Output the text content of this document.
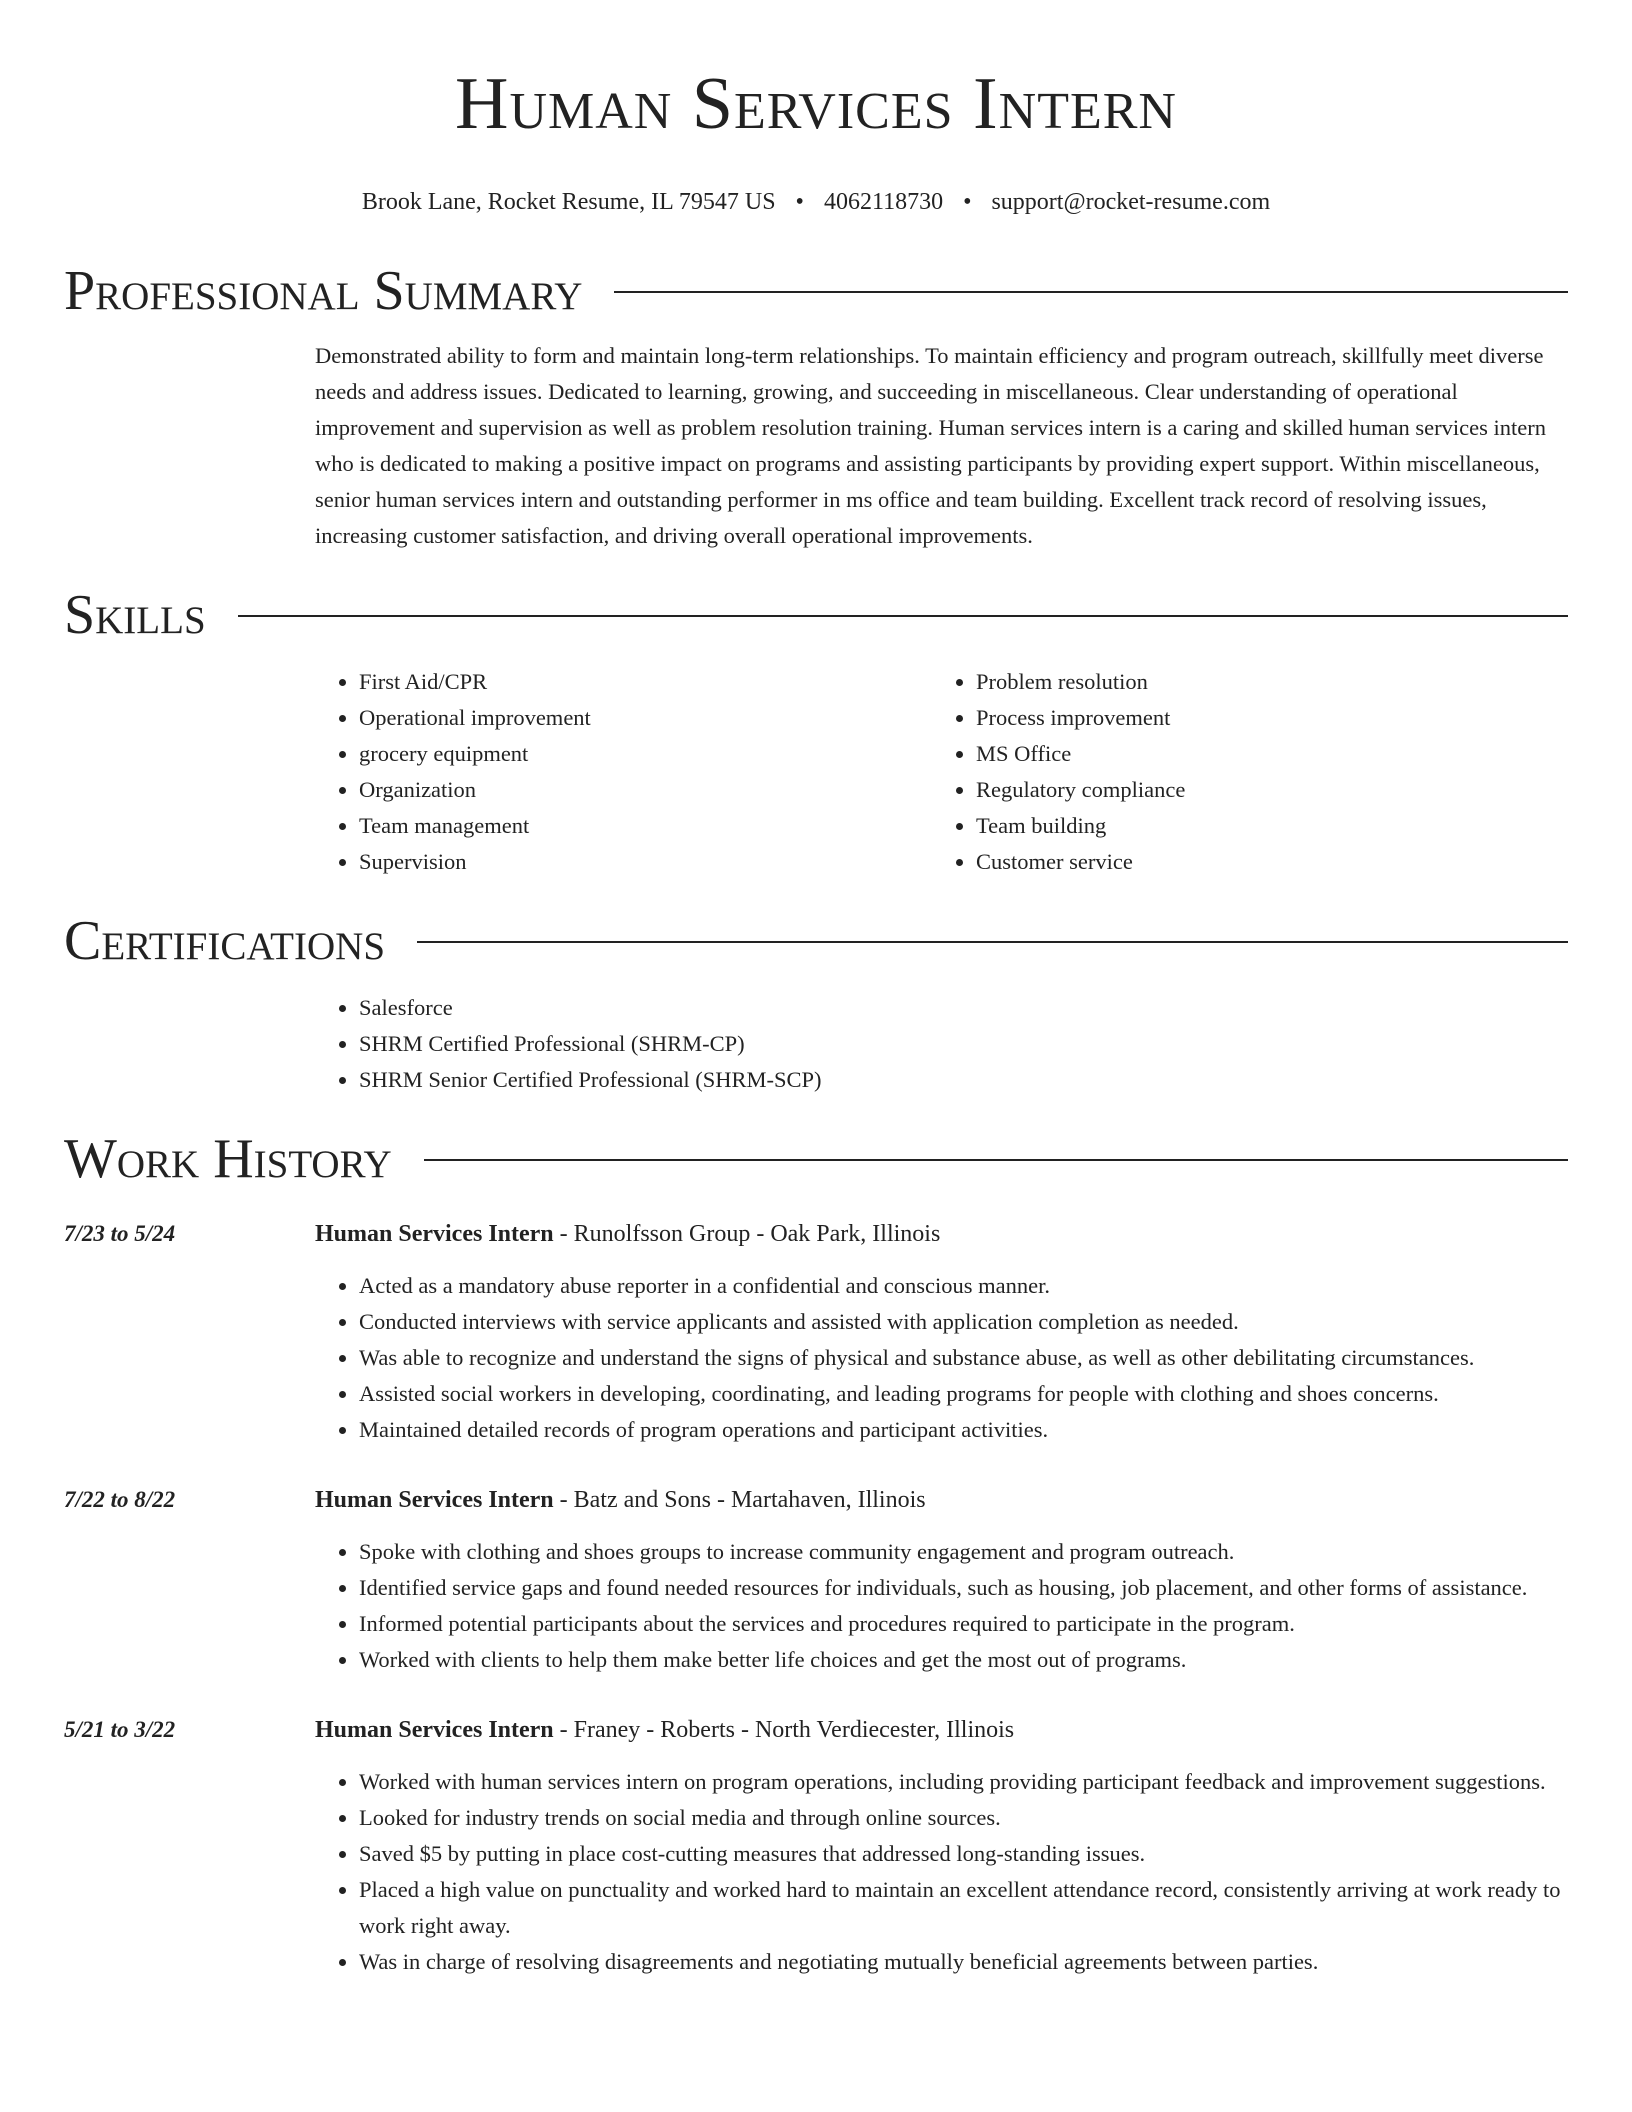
Human Services Intern
Brook Lane, Rocket Resume, IL 79547 US • 4062118730 • support@rocket-resume.com
Professional Summary

Demonstrated ability to form and maintain long-term relationships. To maintain efficiency and program outreach, skillfully meet diverse needs and address issues. Dedicated to learning, growing, and succeeding in miscellaneous. Clear understanding of operational improvement and supervision as well as problem resolution training. Human services intern is a caring and skilled human services intern who is dedicated to making a positive impact on programs and assisting participants by providing expert support. Within miscellaneous, senior human services intern and outstanding performer in ms office and team building. Excellent track record of resolving issues, increasing customer satisfaction, and driving overall operational improvements.

Skills
• First Aid/CPR
• Operational improvement
• grocery equipment
• Organization
• Team management
• Supervision
• Problem resolution
• Process improvement
• MS Office
• Regulatory compliance
• Team building
• Customer service
Certifications
• Salesforce
• SHRM Certified Professional (SHRM-CP)
• SHRM Senior Certified Professional (SHRM-SCP)
Work History
7/23 to 5/24	Human Services Intern - Runolfsson Group - Oak Park, Illinois
• Acted as a mandatory abuse reporter in a confidential and conscious manner.
• Conducted interviews with service applicants and assisted with application completion as needed.
• Was able to recognize and understand the signs of physical and substance abuse, as well as other debilitating circumstances.
• Assisted social workers in developing, coordinating, and leading programs for people with clothing and shoes concerns.
• Maintained detailed records of program operations and participant activities.
7/22 to 8/22	Human Services Intern - Batz and Sons - Martahaven, Illinois
• Spoke with clothing and shoes groups to increase community engagement and program outreach.
• Identified service gaps and found needed resources for individuals, such as housing, job placement, and other forms of assistance.
• Informed potential participants about the services and procedures required to participate in the program.
• Worked with clients to help them make better life choices and get the most out of programs.
5/21 to 3/22	Human Services Intern - Franey - Roberts - North Verdiecester, Illinois
• Worked with human services intern on program operations, including providing participant feedback and improvement suggestions.
• Looked for industry trends on social media and through online sources.
• Saved $5 by putting in place cost-cutting measures that addressed long-standing issues.
• Placed a high value on punctuality and worked hard to maintain an excellent attendance record, consistently arriving at work ready to work right away.
• Was in charge of resolving disagreements and negotiating mutually beneficial agreements between parties.
